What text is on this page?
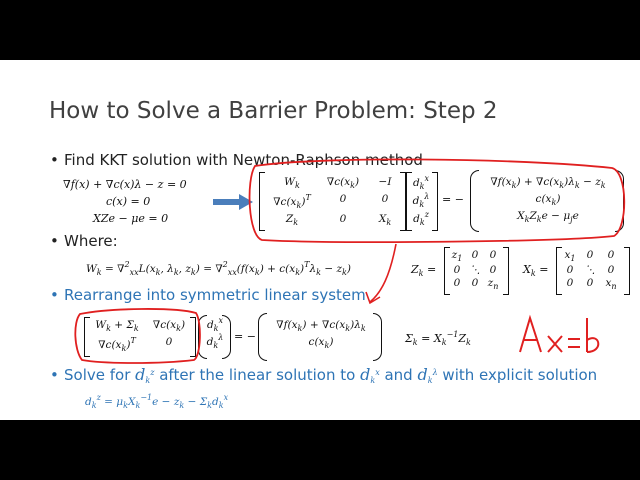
How to Solve a Barrier Problem: Step 2
• Find KKT solution with Newton-Raphson method
∇f(x) + ∇c(x)λ − z = 0
c(x) = 0
XZe − μe = 0
$W_k$	$\nabla c(x_k)$	−I
$\nabla c(x_k)^T$	0	0
$Z_k$	0	$X_k$
$d_k^x$
$d_k^\lambda$
$d_k^z$
= −
$\nabla f(x_k) + \nabla c(x_k)\lambda_k - z_k$
$c(x_k)$
$X_kZ_ke - \mu_je$
• Where:
$W_k = \nabla^2_{xx}L(x_k$, $\lambda_k$, $z_k) = \nabla^2_{xx}(f(x_k) + c(x_k)^T\lambda_k - z_k)$	$Z_k$ =
$z_1$ 0	0
0 ⋱ 0
0	0 $z_n$
$X_k$ =
$x_1$	0	0
0	⋱	0
0	0	$x_n$
• Rearrange into symmetric linear system
$W_k + \Sigma_k$	$\nabla c(x_k)$
$\nabla c(x_k)^T$	0
$d_k^x$
$d_k^\lambda$ = −
$\nabla f(x_k) + \nabla c(x_k)\lambda_k$
$c(x_k)$	$\Sigma_k = X_k^{-1}Z_k$
• Solve for $d_k^z$ after the linear solution to $d_k^x$ and $d_k^\lambda$ with explicit solution
$d_k^z = \mu_kX_k^{-1}e - z_k - \Sigma_kd_k^x$
